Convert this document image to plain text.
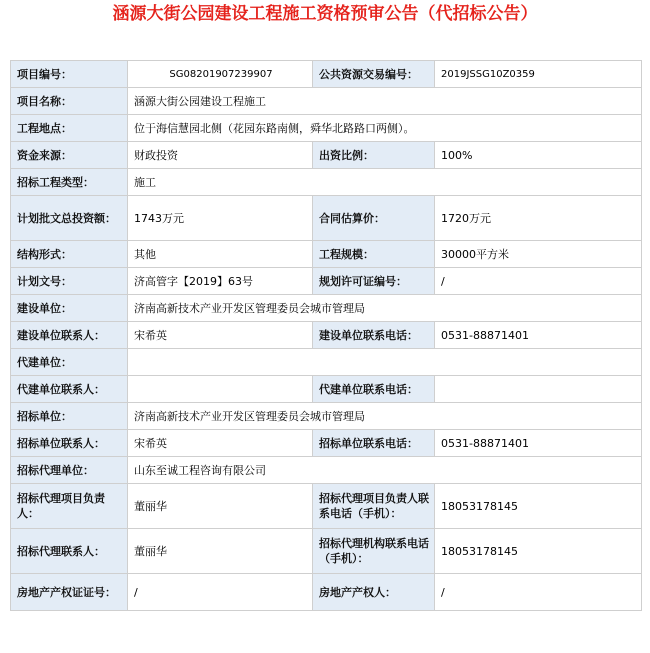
涵源大街公园建设工程施工资格预审公告（代招标公告）
项目编号：	SG08201907239907	公共资源交易编号：	2019JSSG10Z0359
项目名称：	涵源大街公园建设工程施工		
工程地点：	位于海信慧园北侧（花园东路南侧，舜华北路路口两侧）。		
资金来源：	财政投资	出资比例：	100%
招标工程类型：	施工		
计划批文总投资额：	1743万元	合同估算价：	1720万元
结构形式：	其他	工程规模：	30000平方米
计划文号：	济高管字【2019】63号	规划许可证编号：	/
建设单位：	济南高新技术产业开发区管理委员会城市管理局		
建设单位联系人：	宋希英	建设单位联系电话：	0531-88871401
代建单位：			
代建单位联系人：		代建单位联系电话：	
招标单位：	济南高新技术产业开发区管理委员会城市管理局		
招标单位联系人：	宋希英	招标单位联系电话：	0531-88871401
招标代理单位：	山东至诚工程咨询有限公司		
招标代理项目负责人：	董丽华	招标代理项目负责人联系电话（手机）：	18053178145
招标代理联系人：	董丽华	招标代理机构联系电话（手机）：	18053178145
房地产产权证证号：	/	房地产产权人：	/
